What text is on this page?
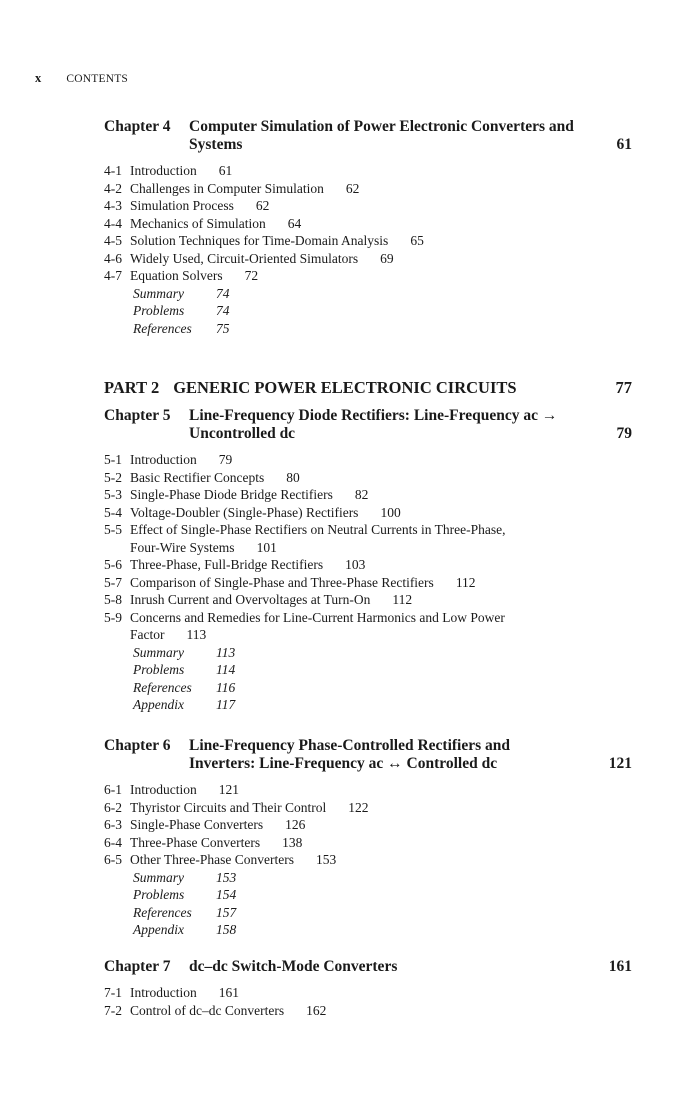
x CONTENTS
Chapter 4	Computer Simulation of Power Electronic Converters and Systems	61
4-1 Introduction 61
4-2 Challenges in Computer Simulation 62
4-3 Simulation Process 62
4-4 Mechanics of Simulation 64
4-5 Solution Techniques for Time-Domain Analysis 65
4-6 Widely Used, Circuit-Oriented Simulators 69
4-7 Equation Solvers 72
Summary 74
Problems 74
References 75
PART 2 GENERIC POWER ELECTRONIC CIRCUITS	77
Chapter 5	Line-Frequency Diode Rectifiers: Line-Frequency ac →
Uncontrolled dc	79
5-1 Introduction 79
5-2 Basic Rectifier Concepts 80
5-3 Single-Phase Diode Bridge Rectifiers 82
5-4 Voltage-Doubler (Single-Phase) Rectifiers 100
5-5 Effect of Single-Phase Rectifiers on Neutral Currents in Three-Phase,
Four-Wire Systems 101
5-6 Three-Phase, Full-Bridge Rectifiers 103
5-7 Comparison of Single-Phase and Three-Phase Rectifiers 112
5-8 Inrush Current and Overvoltages at Turn-On 112
5-9 Concerns and Remedies for Line-Current Harmonics and Low Power
Factor 113
Summary 113
Problems 114
References 116
Appendix 117
Chapter 6	Line-Frequency Phase-Controlled Rectifiers and
Inverters: Line-Frequency ac ↔ Controlled dc	121
6-1 Introduction 121
6-2 Thyristor Circuits and Their Control 122
6-3 Single-Phase Converters 126
6-4 Three-Phase Converters 138
6-5 Other Three-Phase Converters 153
Summary 153
Problems 154
References 157
Appendix 158
Chapter 7	dc–dc Switch-Mode Converters	161
7-1 Introduction 161
7-2 Control of dc–dc Converters 162
